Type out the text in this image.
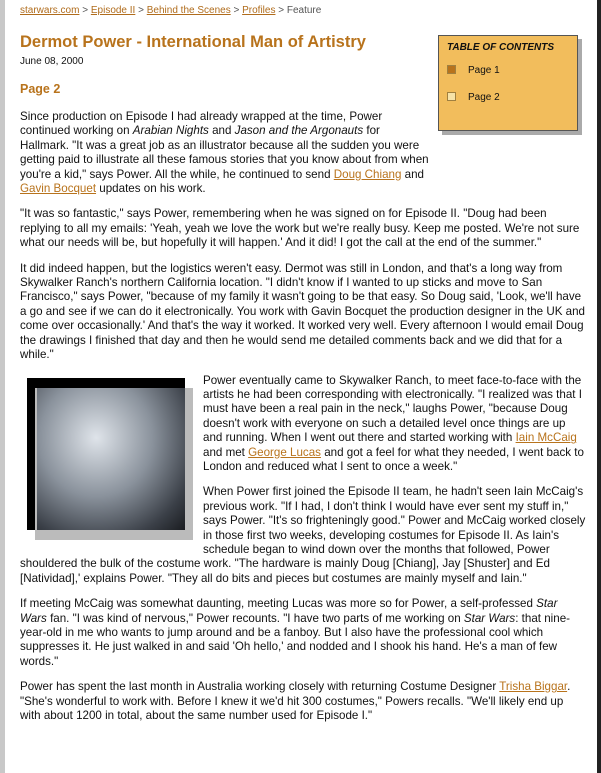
starwars.com > Episode II > Behind the Scenes > Profiles > Feature
Dermot Power - International Man of Artistry
June 08, 2000
Page 2
TABLE OF CONTENTS
Page 1
Page 2

Since production on Episode I had already wrapped at the time, Power continued working on Arabian Nights and Jason and the Argonauts for Hallmark. "It was a great job as an illustrator because all the sudden you were getting paid to illustrate all these famous stories that you know about from when you're a kid," says Power. All the while, he continued to send Doug Chiang and Gavin Bocquet updates on his work.

"It was so fantastic," says Power, remembering when he was signed on for Episode II. "Doug had been replying to all my emails: 'Yeah, yeah we love the work but we're really busy. Keep me posted. We're not sure what our needs will be, but hopefully it will happen.' And it did! I got the call at the end of the summer."

It did indeed happen, but the logistics weren't easy. Dermot was still in London, and that's a long way from Skywalker Ranch's northern California location. "I didn't know if I wanted to up sticks and move to San Francisco," says Power, "because of my family it wasn't going to be that easy. So Doug said, 'Look, we'll have a go and see if we can do it electronically. You work with Gavin Bocquet the production designer in the UK and come over occasionally.' And that's the way it worked. It worked very well. Every afternoon I would email Doug the drawings I finished that day and then he would send me detailed comments back and we did that for a while."

Power eventually came to Skywalker Ranch, to meet face-to-face with the artists he had been corresponding with electronically. "I realized was that I must have been a real pain in the neck," laughs Power, "because Doug doesn't work with everyone on such a detailed level once things are up and running. When I went out there and started working with Iain McCaig and met George Lucas and got a feel for what they needed, I went back to London and reduced what I sent to once a week."

When Power first joined the Episode II team, he hadn't seen Iain McCaig's previous work. "If I had, I don't think I would have ever sent my stuff in," says Power. "It's so frighteningly good." Power and McCaig worked closely in those first two weeks, developing costumes for Episode II. As Iain's schedule began to wind down over the months that followed, Power shouldered the bulk of the costume work. "The hardware is mainly Doug [Chiang], Jay [Shuster] and Ed [Natividad],' explains Power. "They all do bits and pieces but costumes are mainly myself and Iain."

If meeting McCaig was somewhat daunting, meeting Lucas was more so for Power, a self-professed Star Wars fan. "I was kind of nervous," Power recounts. "I have two parts of me working on Star Wars: that nine-year-old in me who wants to jump around and be a fanboy. But I also have the professional cool which suppresses it. He just walked in and said 'Oh hello,' and nodded and I shook his hand. He's a man of few words."

Power has spent the last month in Australia working closely with returning Costume Designer Trisha Biggar. "She's wonderful to work with. Before I knew it we'd hit 300 costumes," Powers recalls. "We'll likely end up with about 1200 in total, about the same number used for Episode I."
